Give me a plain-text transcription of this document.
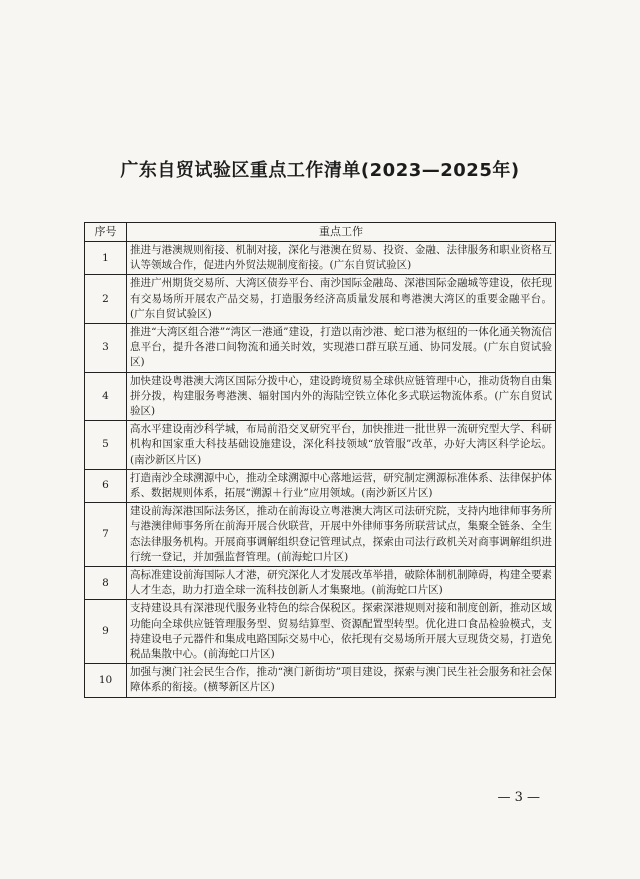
广东自贸试验区重点工作清单(2023—2025年)
序号	重点工作
1	推进与港澳规则衔接、机制对接，深化与港澳在贸易、投资、金融、法律服务和职业资格互认等领域合作，促进内外贸法规制度衔接。(广东自贸试验区)
2	推进广州期货交易所、大湾区债券平台、南沙国际金融岛、深港国际金融城等建设，依托现有交易场所开展农产品交易，打造服务经济高质量发展和粤港澳大湾区的重要金融平台。(广东自贸试验区)
3	推进“大湾区组合港”“湾区一港通”建设，打造以南沙港、蛇口港为枢纽的一体化通关物流信息平台，提升各港口间物流和通关时效，实现港口群互联互通、协同发展。(广东自贸试验区)
4	加快建设粤港澳大湾区国际分拨中心，建设跨境贸易全球供应链管理中心，推动货物自由集拼分拨，构建服务粤港澳、辐射国内外的海陆空铁立体化多式联运物流体系。(广东自贸试验区)
5	高水平建设南沙科学城，布局前沿交叉研究平台，加快推进一批世界一流研究型大学、科研机构和国家重大科技基础设施建设，深化科技领域“放管服”改革，办好大湾区科学论坛。(南沙新区片区)
6	打造南沙全球溯源中心，推动全球溯源中心落地运营，研究制定溯源标准体系、法律保护体系、数据规则体系，拓展“溯源＋行业”应用领域。(南沙新区片区)
7	建设前海深港国际法务区，推动在前海设立粤港澳大湾区司法研究院，支持内地律师事务所与港澳律师事务所在前海开展合伙联营，开展中外律师事务所联营试点，集聚全链条、全生态法律服务机构。开展商事调解组织登记管理试点，探索由司法行政机关对商事调解组织进行统一登记，并加强监督管理。(前海蛇口片区)
8	高标准建设前海国际人才港，研究深化人才发展改革举措，破除体制机制障碍，构建全要素人才生态，助力打造全球一流科技创新人才集聚地。(前海蛇口片区)
9	支持建设具有深港现代服务业特色的综合保税区。探索深港规则对接和制度创新，推动区域功能向全球供应链管理服务型、贸易结算型、资源配置型转型。优化进口食品检验模式，支持建设电子元器件和集成电路国际交易中心，依托现有交易场所开展大豆现货交易，打造免税品集散中心。(前海蛇口片区)
10	加强与澳门社会民生合作，推动“澳门新街坊”项目建设，探索与澳门民生社会服务和社会保障体系的衔接。(横琴新区片区)
— 3 —
